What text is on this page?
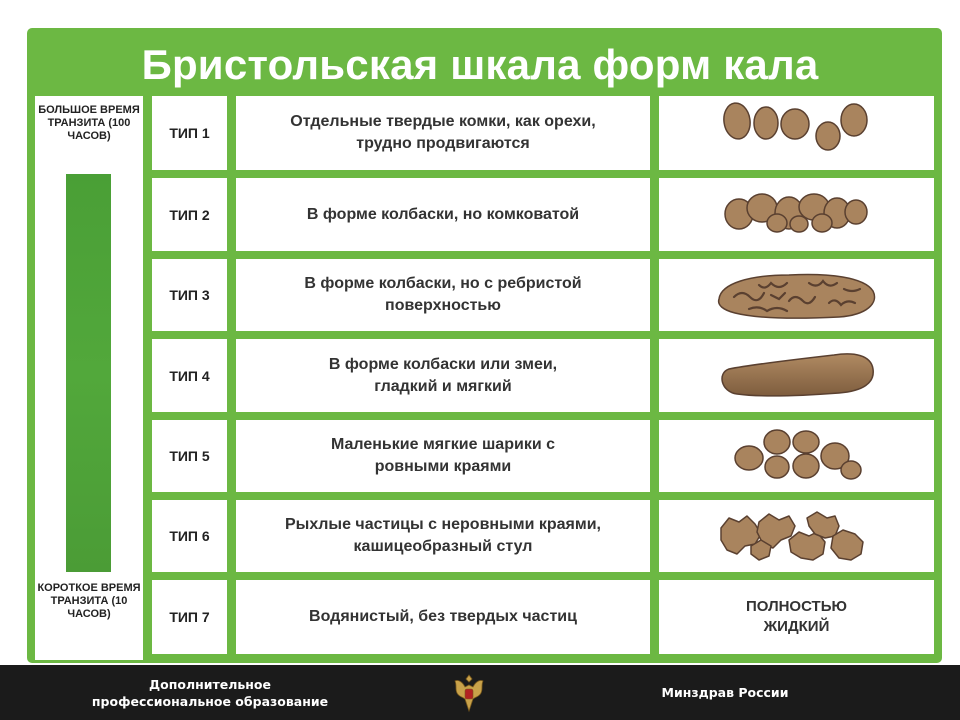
Бристольская шкала форм кала
БОЛЬШОЕ ВРЕМЯ ТРАНЗИТА (100 ЧАСОВ)
КОРОТКОЕ ВРЕМЯ ТРАНЗИТА (10 ЧАСОВ)
ТИП 1
Отдельные твердые комки, как орехи, трудно продвигаются
ТИП 2	В форме колбаски, но комковатой
ТИП 3
В форме колбаски, но с ребристой поверхностью
ТИП 4
В форме колбаски или змеи, гладкий и мягкий
ТИП 5
Маленькие мягкие шарики с ровными краями
ТИП 6
Рыхлые частицы с неровными краями, кашицеобразный стул
ТИП 7	Водянистый, без твердых частиц
ПОЛНОСТЬЮ ЖИДКИЙ
Дополнительное
профессиональное образование
Минздрав России
